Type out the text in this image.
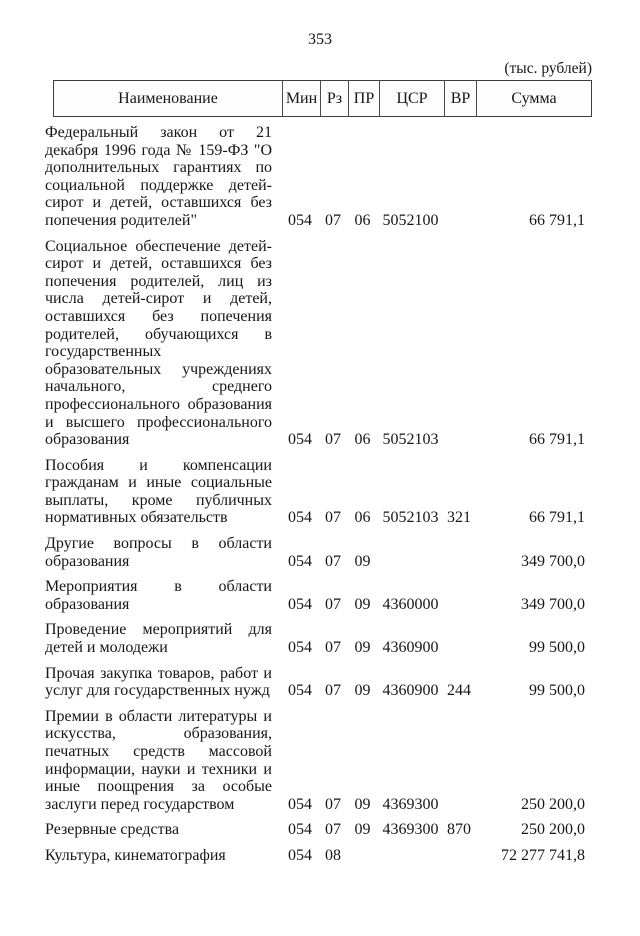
353
(тыс. рублей)
Наименование	Мин Рз ПР	ЦСР	ВР	Сумма
Федеральный закон от 21 декабря 1996 года № 159-ФЗ "О дополнительных гарантиях по социальной поддержке детей-сирот и детей, оставшихся без попечения родителей"	054 07 06 5052100	66 791,1
Социальное обеспечение детей-сирот и детей, оставшихся без попечения родителей, лиц из числа детей-сирот и детей, оставшихся без попечения родителей, обучающихся в государственных образовательных учреждениях начального, среднего профессионального образования и высшего профессионального образования	054 07 06 5052103	66 791,1
Пособия и компенсации гражданам и иные социальные выплаты, кроме публичных нормативных обязательств	054 07 06 5052103 321	66 791,1
Другие вопросы в области образования	054 07 09	349 700,0
Мероприятия в области образования	054 07 09 4360000	349 700,0
Проведение мероприятий для детей и молодежи	054 07 09 4360900	99 500,0
Прочая закупка товаров, работ и услуг для государственных нужд	054 07 09 4360900 244	99 500,0
Премии в области литературы и искусства, образования, печатных средств массовой информации, науки и техники и иные поощрения за особые заслуги перед государством	054 07 09 4369300	250 200,0
Резервные средства	054 07 09 4369300 870	250 200,0
Культура, кинематография	054 08	72 277 741,8
